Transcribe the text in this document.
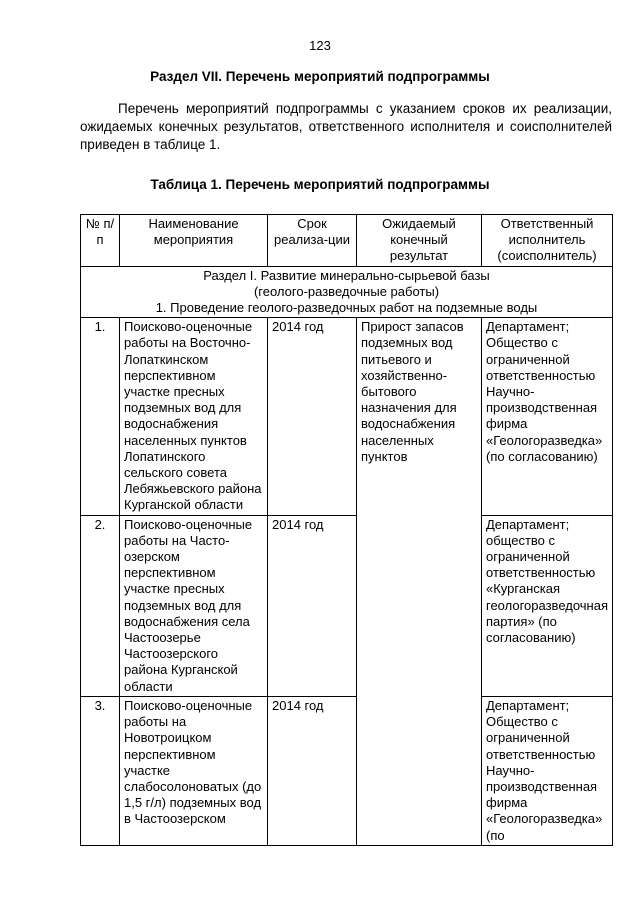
123
Раздел VII. Перечень мероприятий подпрограммы

Перечень мероприятий подпрограммы с указанием сроков их реализации, ожидаемых конечных результатов, ответственного исполнителя и соисполнителей приведен в таблице 1.

Таблица 1. Перечень мероприятий подпрограммы
№ п/п	Наименование мероприятия	Срок реализа-ции	Ожидаемый конечный результат	Ответственный исполнитель (соисполнитель)

Раздел I. Развитие минерально-сырьевой базы
(геолого-разведочные работы)
1. Проведение геолого-разведочных работ на подземные воды				

1.	Поисково-оценочные работы на Восточно-Лопаткинском перспективном участке пресных подземных вод для водоснабжения населенных пунктов Лопатинского сельского совета Лебяжьевского района Курганской области	2014 год	Прирост запасов подземных вод питьевого и хозяйственно-бытового назначения для водоснабжения населенных пунктов	Департамент; Общество с ограниченной ответственностью Научно-производственная фирма «Геологоразведка» (по согласованию)
2.	Поисково-оценочные работы на Часто-озерском перспективном участке пресных подземных вод для водоснабжения села Частоозерье Частоозерского района Курганской области	2014 год		Департамент; общество с ограниченной ответственностью «Курганская геологоразведочная партия» (по согласованию)
3.	Поисково-оценочные работы на Новотроицком перспективном участке слабосолоноватых (до 1,5 г/л) подземных вод в Частоозерском	2014 год		Департамент; Общество с ограниченной ответственностью Научно-производственная фирма «Геологоразведка» (по
